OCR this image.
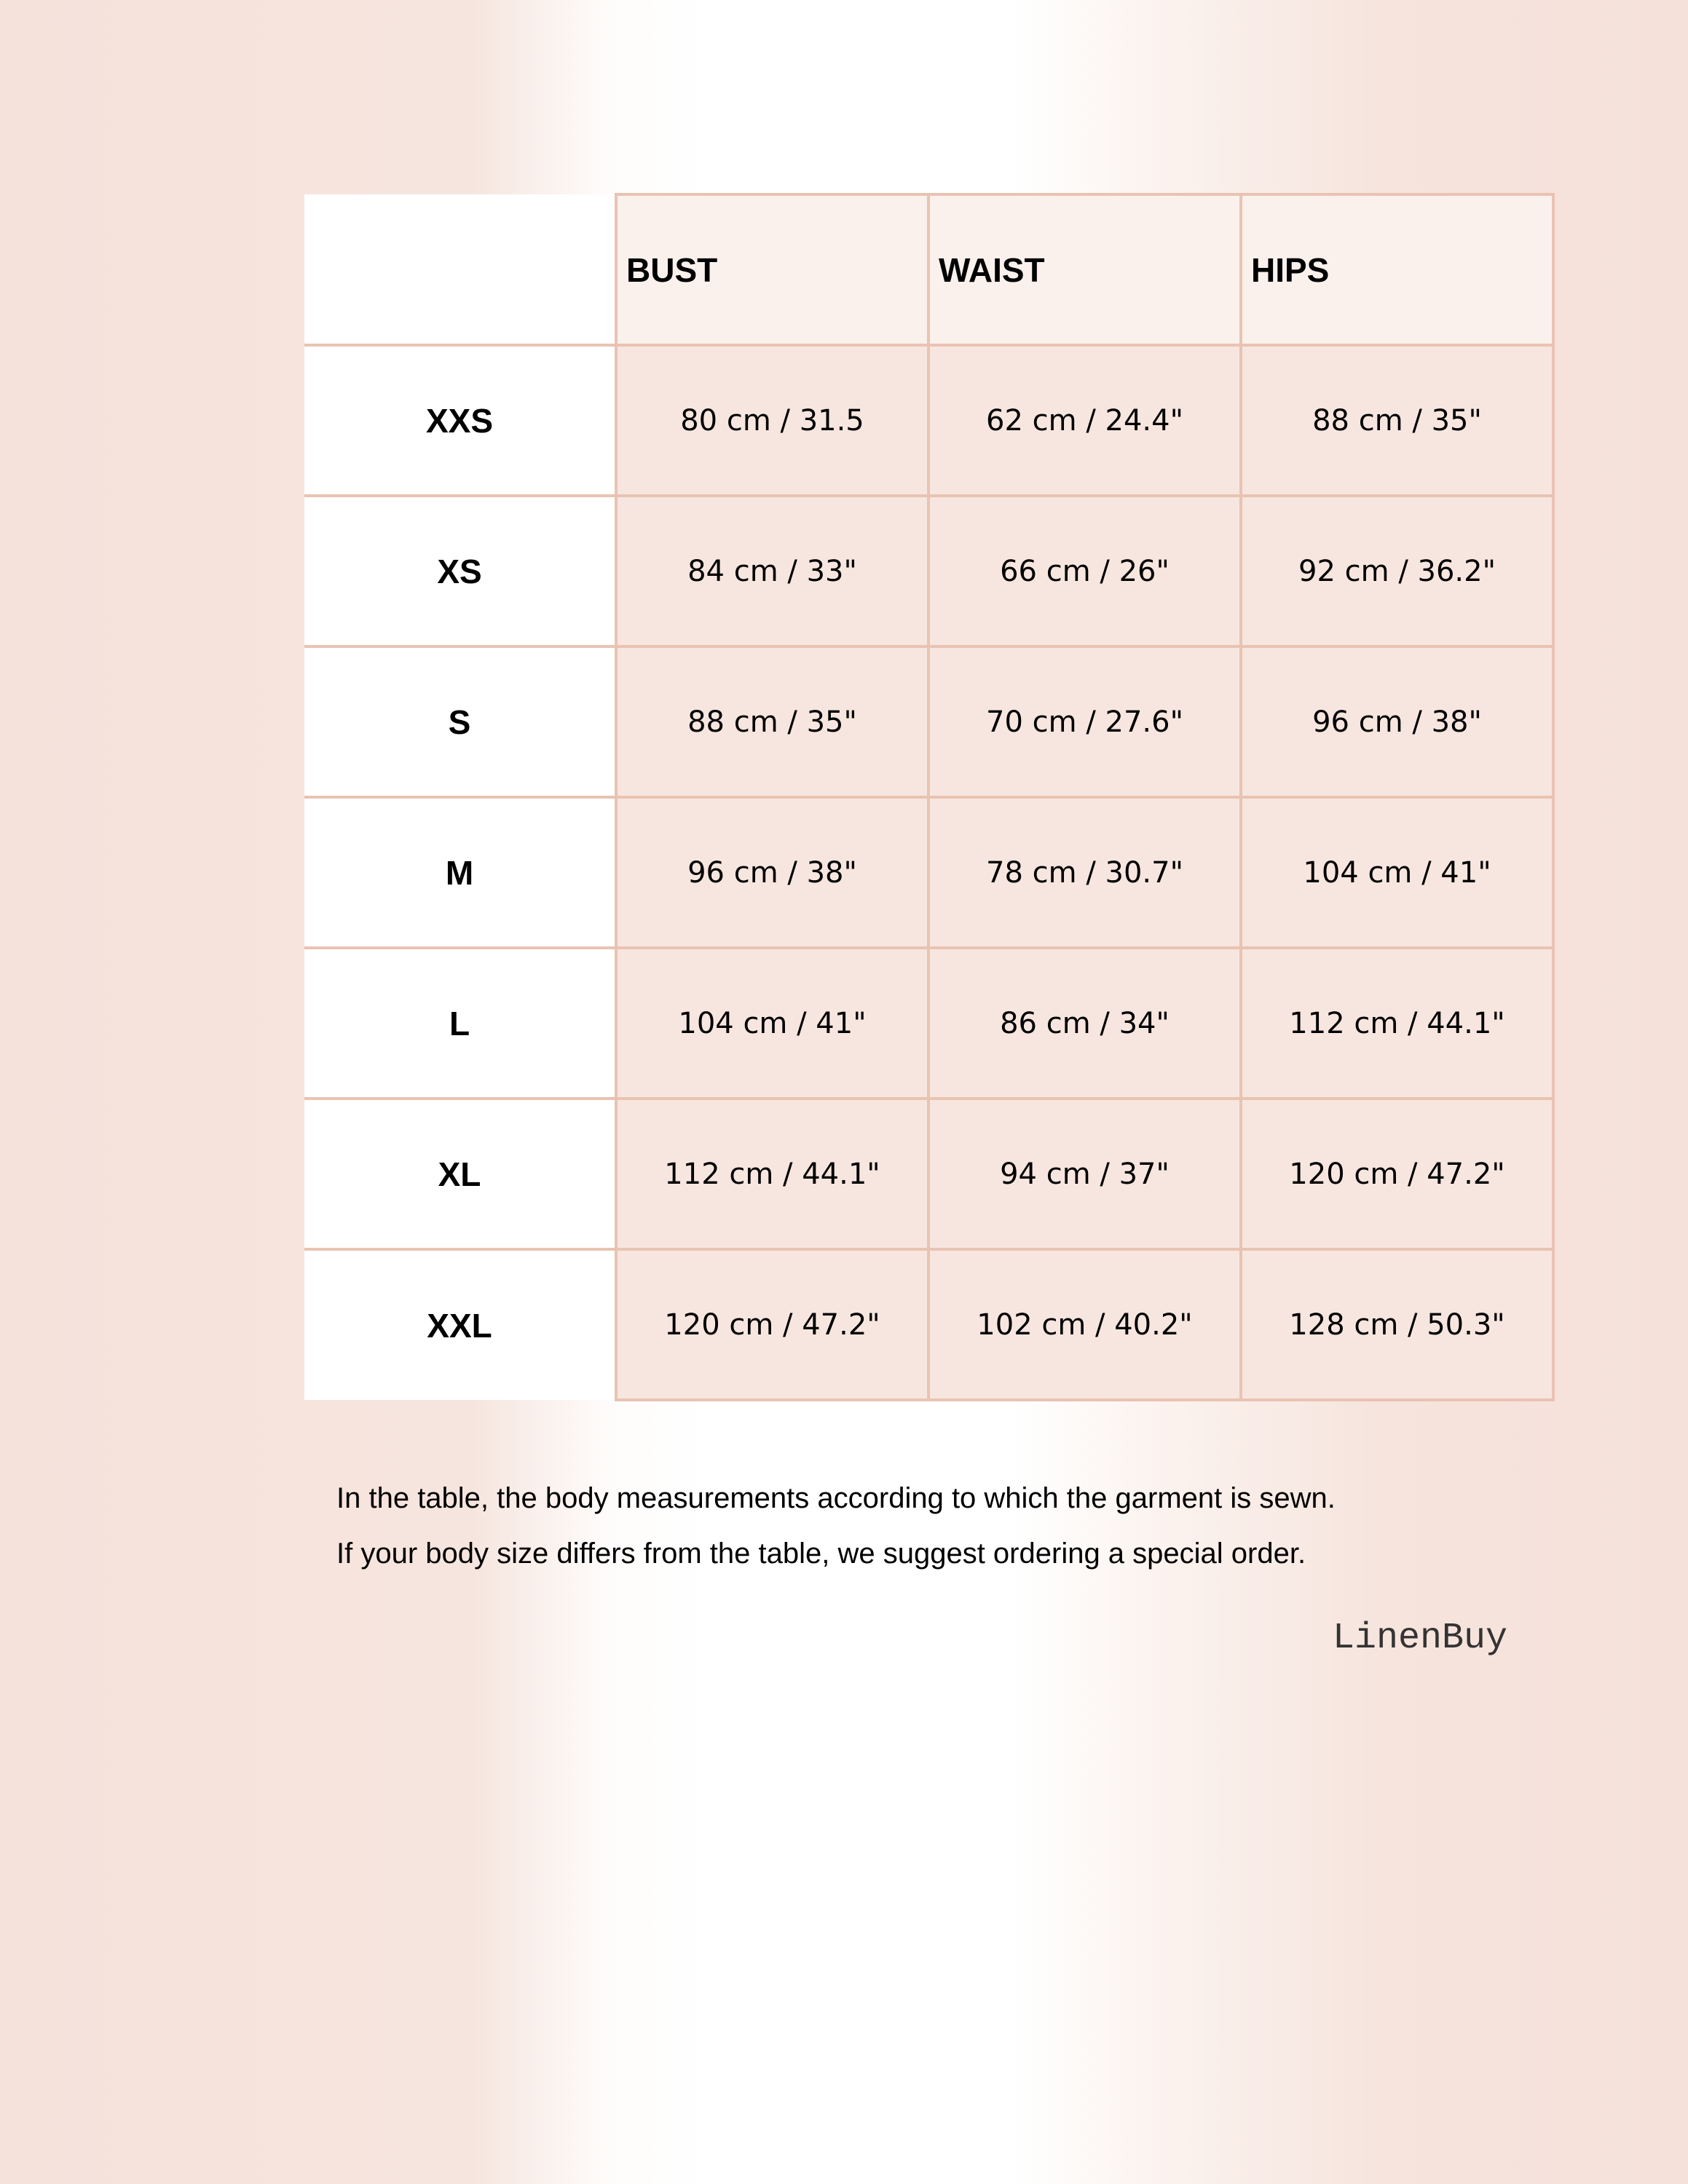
	BUST	WAIST	HIPS
XXS	80 cm / 31.5	62 cm / 24.4"	88 cm / 35"
XS	84 cm / 33"	66 cm / 26"	92 cm / 36.2"
S	88 cm / 35"	70 cm / 27.6"	96 cm / 38"
M	96 cm / 38"	78 cm / 30.7"	104 cm / 41"
L	104 cm / 41"	86 cm / 34"	112 cm / 44.1"
XL	112 cm / 44.1"	94 cm / 37"	120 cm / 47.2"
XXL	120 cm / 47.2"	102 cm / 40.2"	128 cm / 50.3"
In the table, the body measurements according to which the garment is sewn.
If your body size differs from the table, we suggest ordering a special order.
LinenBuy
